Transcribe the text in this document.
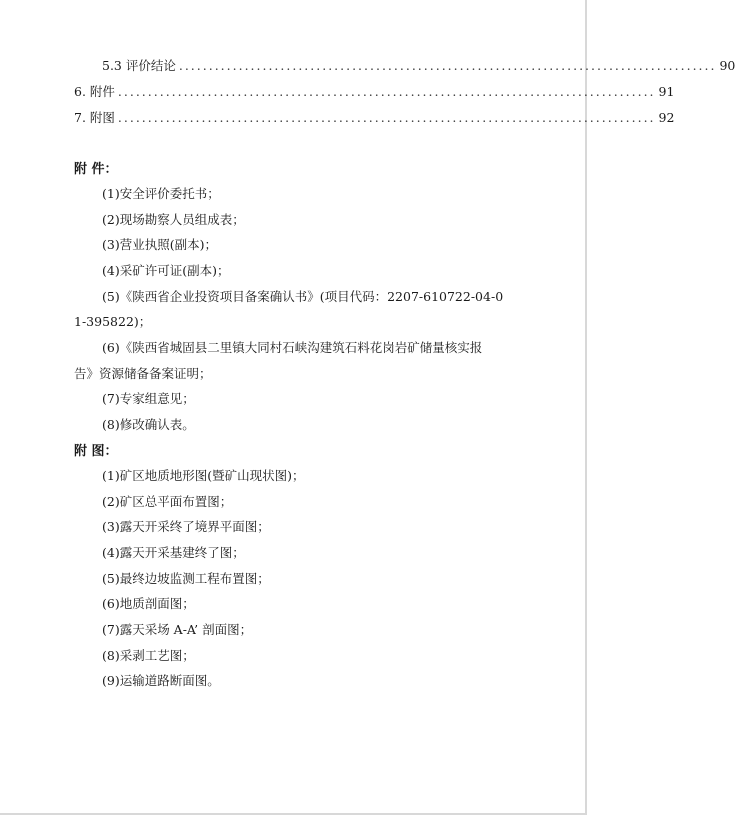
5.3 评价结论 .......................................................................................... 90
6. 附件 .......................................................................................... 91
7. 附图 .......................................................................................... 92
附 件：
(1)安全评价委托书；
(2)现场勘察人员组成表；
(3)营业执照(副本)；
(4)采矿许可证(副本)；
(5)《陕西省企业投资项目备案确认书》(项目代码：2207-610722-04-0
1-395822)；
(6)《陕西省城固县二里镇大同村石峡沟建筑石料花岗岩矿储量核实报
告》资源储备备案证明；
(7)专家组意见；
(8)修改确认表。
附 图：
(1)矿区地质地形图(暨矿山现状图)；
(2)矿区总平面布置图；
(3)露天开采终了境界平面图；
(4)露天开采基建终了图；
(5)最终边坡监测工程布置图；
(6)地质剖面图；
(7)露天采场 A-A’ 剖面图；
(8)采剥工艺图；
(9)运输道路断面图。
